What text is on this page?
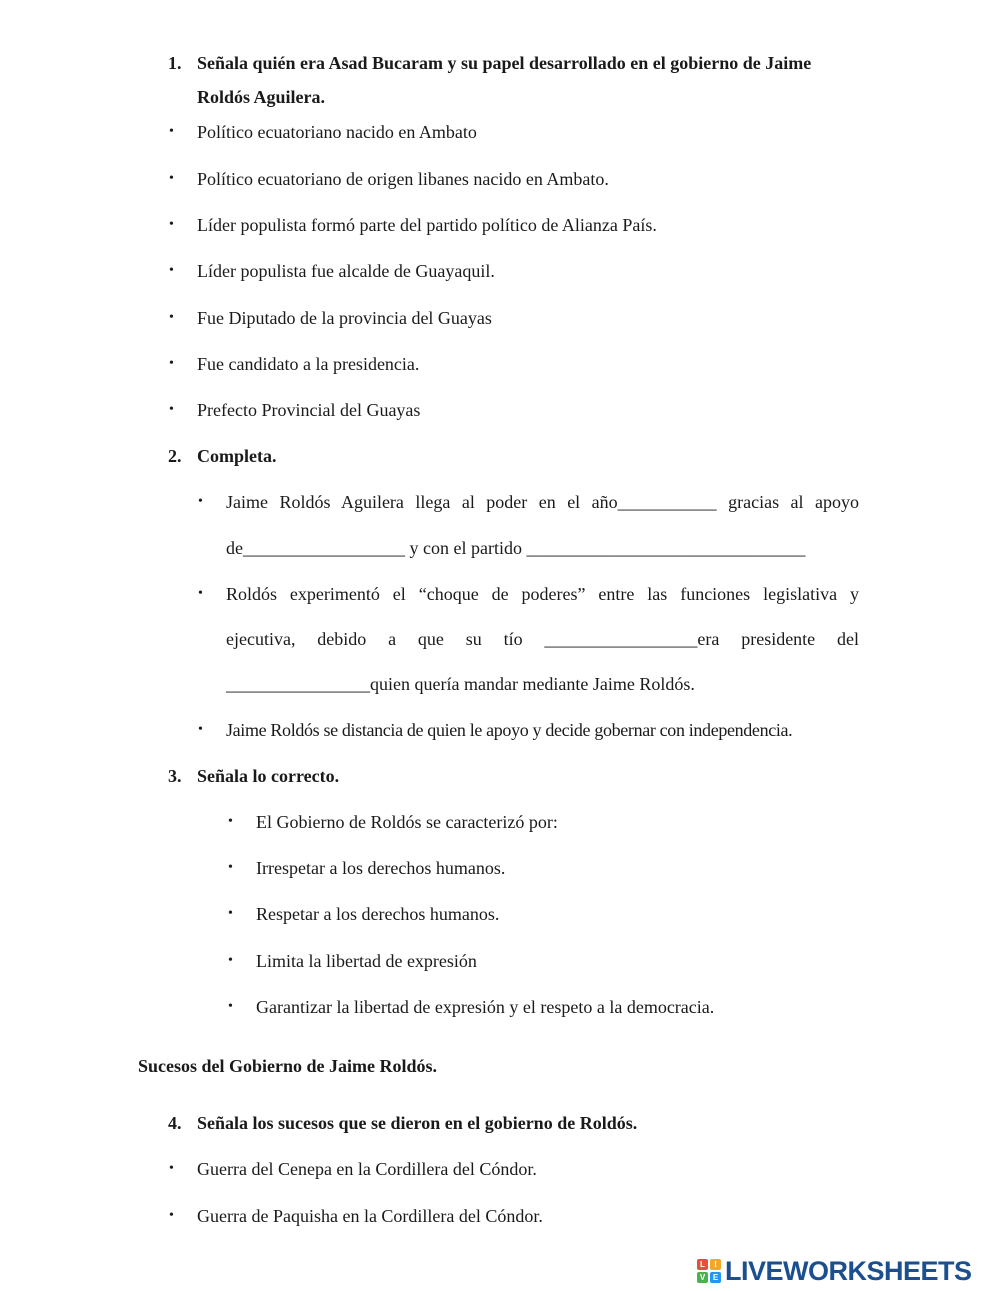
1. Señala quién era Asad Bucaram y su papel desarrollado en el gobierno de Jaime
Roldós Aguilera.
• Político ecuatoriano nacido en Ambato
• Político ecuatoriano de origen libanes nacido en Ambato.
• Líder populista formó parte del partido político de Alianza País.
• Líder populista fue alcalde de Guayaquil.
• Fue Diputado de la provincia del Guayas
• Fue candidato a la presidencia.
• Prefecto Provincial del Guayas
2. Completa.
• Jaime Roldós Aguilera llega al poder en el año___________ gracias al apoyo
de__________________ y con el partido _______________________________
• Roldós experimentó el “choque de poderes” entre las funciones legislativa y
ejecutiva, debido a que su tío _________________era presidente del
________________quien quería mandar mediante Jaime Roldós.
• Jaime Roldós se distancia de quien le apoyo y decide gobernar con independencia.
3. Señala lo correcto.
• El Gobierno de Roldós se caracterizó por:
• Irrespetar a los derechos humanos.
• Respetar a los derechos humanos.
• Limita la libertad de expresión
• Garantizar la libertad de expresión y el respeto a la democracia.
Sucesos del Gobierno de Jaime Roldós.
4. Señala los sucesos que se dieron en el gobierno de Roldós.
• Guerra del Cenepa en la Cordillera del Cóndor.
• Guerra de Paquisha en la Cordillera del Cóndor.
L	I
V E LIVEWORKSHEETS
